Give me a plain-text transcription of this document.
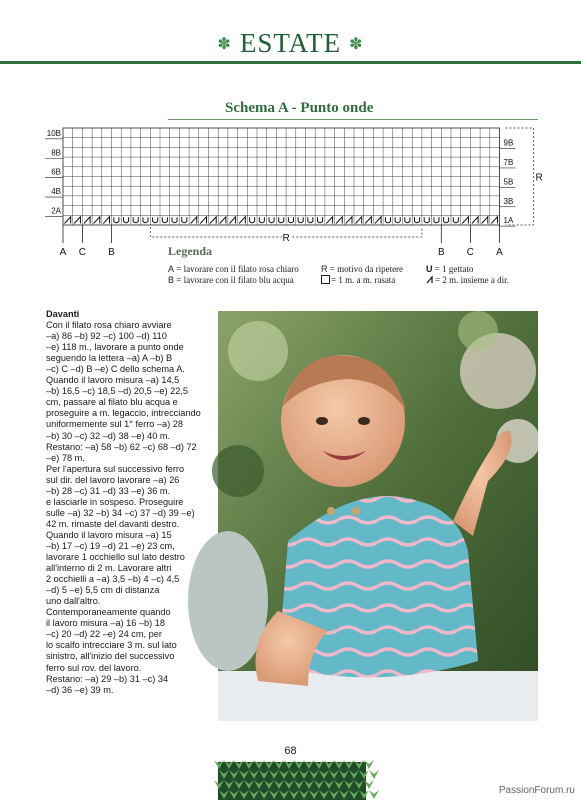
✽ ESTATE ✽
Schema A - Punto onde
10B
8B
6B
4B
2A
9B
7B
5B
3B
1A
R
R
A C B	B C A
Legenda
A = lavorare con il filato rosa chiaro
B = lavorare con il filato blu acqua
R = motivo da ripetere
= 1 m. a m. rasata
U = 1 gettato
= 2 m. insieme a dir.
Davanti
Con il filato rosa chiaro avviare
–a) 86 –b) 92 –c) 100 –d) 110
–e) 118 m., lavorare a punto onde
seguendo la lettera –a) A –b) B
–c) C –d) B –e) C dello schema A.
Quando il lavoro misura –a) 14,5
–b) 16,5 –c) 18,5 –d) 20,5 –e) 22,5
cm, passare al filato blu acqua e
proseguire a m. legaccio, intrecciando
uniformemente sul 1° ferro –a) 28
–b) 30 –c) 32 –d) 38 –e) 40 m.
Restano: –a) 58 –b) 62 –c) 68 –d) 72
–e) 78 m.
Per l'apertura sul successivo ferro
sul dir. del lavoro lavorare –a) 26
–b) 28 –c) 31 –d) 33 –e) 36 m.
e lasciarle in sospeso. Proseguire
sulle –a) 32 –b) 34 –c) 37 –d) 39 –e)
42 m. rimaste del davanti destro.
Quando il lavoro misura –a) 15
–b) 17 –c) 19 –d) 21 –e) 23 cm,
lavorare 1 occhiello sul lato destro
all'interno di 2 m. Lavorare altri
2 occhielli a –a) 3,5 –b) 4 –c) 4,5
–d) 5 –e) 5,5 cm di distanza
uno dall'altro.
Contemporaneamente quando
il lavoro misura –a) 16 –b) 18
–c) 20 –d) 22 –e) 24 cm, per
lo scalfo intrecciare 3 m. sul lato
sinistro, all'inizio del successivo
ferro sul rov. del lavoro.
Restano: –a) 29 –b) 31 –c) 34
–d) 36 –e) 39 m.
68
PassionForum.ru
